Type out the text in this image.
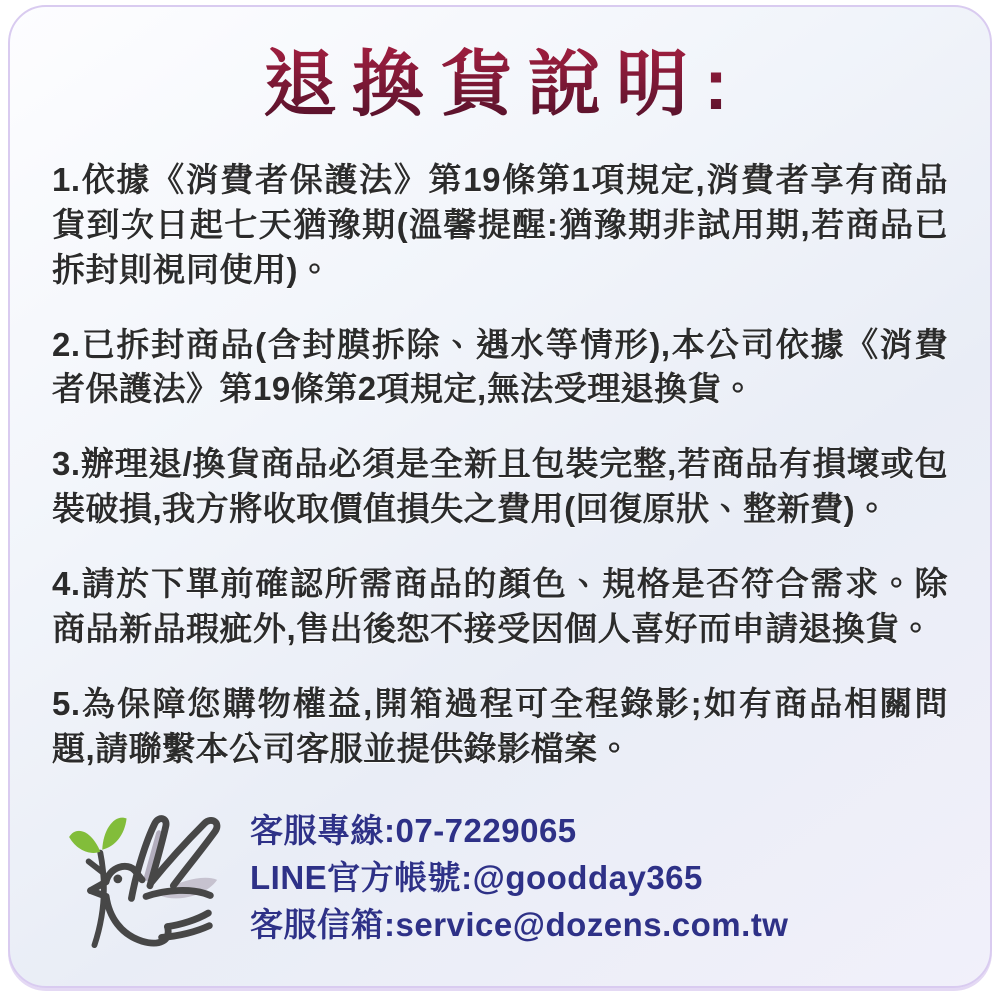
退換貨說明:

1.依據《消費者保護法》第19條第1項規定,消費者享有商品貨到次日起七天猶豫期(溫馨提醒:猶豫期非試用期,若商品已拆封則視同使用)。

2.已拆封商品(含封膜拆除、遇水等情形),本公司依據《消費者保護法》第19條第2項規定,無法受理退換貨。

3.辦理退/換貨商品必須是全新且包裝完整,若商品有損壞或包裝破損,我方將收取價值損失之費用(回復原狀、整新費)。

4.請於下單前確認所需商品的顏色、規格是否符合需求。除商品新品瑕疵外,售出後恕不接受因個人喜好而申請退換貨。

5.為保障您購物權益,開箱過程可全程錄影;如有商品相關問題,請聯繫本公司客服並提供錄影檔案。

客服專線:07-7229065
LINE官方帳號:@goodday365
客服信箱:service@dozens.com.tw
